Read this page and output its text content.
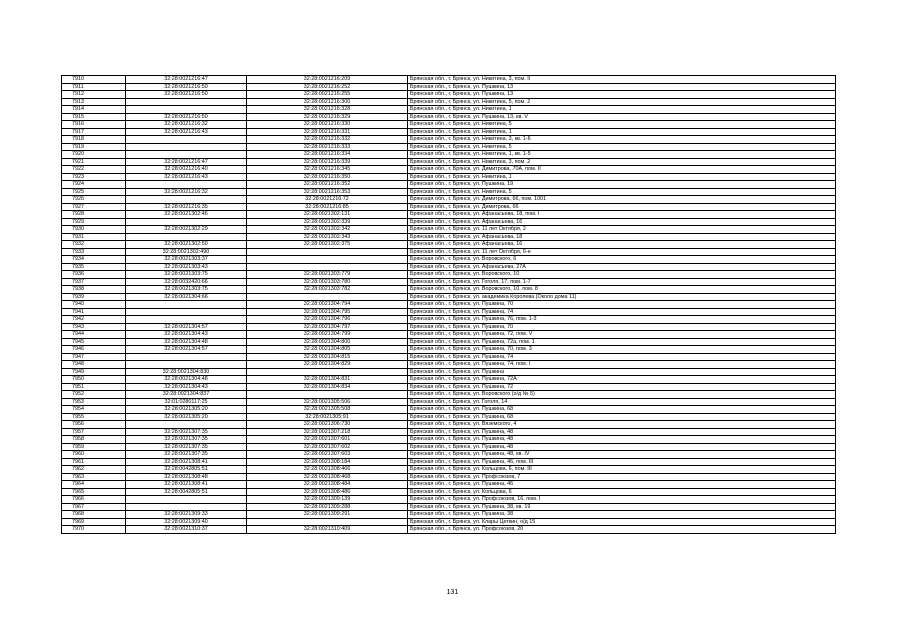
7910	32:28:0021216:47	32:28:0021216:209	Брянская обл., г. Брянск, ул. Никитина, 3, пом. II
7911	32:28:0021216:50	32:28:0021216:252	Брянская обл., г. Брянск, ул. Пушкина, 13
7912	32:28:0021216:50	32:28:0021216:255	Брянская обл., г. Брянск, ул. Пушкина, 13
7913		32:28:0021216:300	Брянская обл., г. Брянск, ул. Никитина, 5, пом. 2
7914		32:28:0021216:328	Брянская обл., г. Брянск, ул. Никитина, 1
7915	32:28:0021216:50	32:28:0021216:329	Брянская обл., г. Брянск, ул. Пушкина, 13, кв. V
7916	32:28:0021216:32	32:28:0021216:330	Брянская обл., г. Брянск, ул. Никитина, 5
7917	32:28:0021216:43	32:28:0021216:331	Брянская обл., г. Брянск, ул. Никитина, 1
7918		32:28:0021216:332	Брянская обл., г. Брянск, ул. Никитина, 3, кв. 1-6
7919		32:28:0021216:333	Брянская обл., г. Брянск, ул. Никитина, 5
7920		32:28:0021216:334	Брянская обл., г. Брянск, ул. Никитина, 1, кв. 1-5
7921	32:28:0021216:47	32:28:0021216:339	Брянская обл., г. Брянск, ул. Никитина, 3, пом. 2
7922	32:28:0021216:40	32:28:0021216:345	Брянская обл., г. Брянск, ул. Димитрова, 70А, пом. II
7923	32:28:0021216:43	32:28:0021216:350	Брянская обл., г. Брянск, ул. Никитина, 1
7924		32:28:0021216:352	Брянская обл., г. Брянск, ул. Пушкина, 19
7925	32:28:0021216:32	32:28:0021216:353	Брянская обл., г. Брянск, ул. Никитина, 5
7926		32:28:0021216:72	Брянская обл., г. Брянск, ул. Димитрова, 66, пом. 1001
7927	32:28:0021216:35	32:28:0021216:85	Брянская обл., г. Брянск, ул. Димитрова, 66
7928	32:28:0021302:46	32:28:0021302:131	Брянская обл., г. Брянск, ул. Афанасьева, 18, пом. I
7929		32:28:0021302:339	Брянская обл., г. Брянск, ул. Афанасьева, 16
7930	32:28:0021302:29	32:28:0021302:342	Брянская обл., г. Брянск, ул. 11 лет Октября, 2
7931		32:28:0021302:343	Брянская обл., г. Брянск, ул. Афанасьева, 18
7932	32:28:0021302:50	32:28:0021302:375	Брянская обл., г. Брянск, ул. Афанасьева, 16
7933	32:28:0021302:490		Брянская обл., г. Брянск, ул. 11 лет Октября, 6-н
7934	32:28:0021303:37		Брянская обл., г. Брянск, ул. Воровского, 6
7935	32:28:0021303:43		Брянская обл., г. Брянск, ул. Афанасьева, 27А
7936	32:28:0021303:75	32:28:0021303:779	Брянская обл., г. Брянск, ул. Воровского, 10
7937	32:28:0032420:66	32:28:0021303:780	Брянская обл., г. Брянск, ул. Гоголя, 17, пом. 1-7
7938	32:28:0021303:75	32:28:0021303:782	Брянская обл., г. Брянск, ул. Воровского, 10, пом. 8
7939	32:28:0021304:66		Брянская обл., г. Брянск, ул. академика Королева (Около дома 11)
7940		32:28:0021304:794	Брянская обл., г. Брянск, ул. Пушкина, 70
7941		32:28:0021304:795	Брянская обл., г. Брянск, ул. Пушкина, 74
7942		32:28:0021304:796	Брянская обл., г. Брянск, ул. Пушкина, 76, пом. 1-3
7943	32:28:0021304:57	32:28:0021304:797	Брянская обл., г. Брянск, ул. Пушкина, 70
7944	32:28:0021304:43	32:28:0021304:799	Брянская обл., г. Брянск, ул. Пушкина, 72, пом. V
7945	32:28:0021304:48	32:28:0021304:800	Брянская обл., г. Брянск, ул. Пушкина, 72а, пом. 1
7946	32:28:0021304:57	32:28:0021304:805	Брянская обл., г. Брянск, ул. Пушкина, 70, пом. 3
7947		32:28:0021304:815	Брянская обл., г. Брянск, ул. Пушкина, 74
7948		32:28:0021304:829	Брянская обл., г. Брянск, ул. Пушкина, 74, пом. I
7949	32:28:0021304:830		Брянская обл., г. Брянск, ул. Пушкина
7950	32:28:0021304:48	32:28:0021304:831	Брянская обл., г. Брянск, ул. Пушкина, 72А
7951	32:28:0021304:43	32:28:0021304:834	Брянская обл., г. Брянск, ул. Пушкина, 72
7952	32:28:0021304:837		Брянская обл., г. Брянск, ул. Воровского (о/д № 5)
7953	32:01:0280117:25	32:28:0021305:506	Брянская обл., г. Брянск, ул. Гоголя, 14
7954	32:28:0021305:20	32:28:0021305:508	Брянская обл., г. Брянск, ул. Пушкина, 68
7955	32:28:0021305:20	32:28:0021305:91	Брянская обл., г. Брянск, ул. Пушкина, 68
7956		32:28:0021306:730	Брянская обл., г. Брянск, ул. Вяземского, 4
7957	32:28:0021307:35	32:28:0021307:218	Брянская обл., г. Брянск, ул. Пушкина, 48
7958	32:28:0021307:35	32:28:0021307:601	Брянская обл., г. Брянск, ул. Пушкина, 48
7959	32:28:0021307:35	32:28:0021307:602	Брянская обл., г. Брянск, ул. Пушкина, 48
7960	32:28:0021307:35	32:28:0021307:603	Брянская обл., г. Брянск, ул. Пушкина, 48, кв. IV
7961	32:28:0021308:41	32:28:0021308:184	Брянская обл., г. Брянск, ул. Пушкина, 46, пом. III
7962	32:28:0042805:51	32:28:0021308:466	Брянская обл., г. Брянск, ул. Кольцова, 6, пом. III
7963	32:28:0021308:48	32:28:0021308:468	Брянская обл., г. Брянск, ул. Профсоюзов, 7
7964	32:28:0021308:41	32:28:0021308:484	Брянская обл., г. Брянск, ул. Пушкина, 46
7965	32:28:0042805:51	32:28:0021308:486	Брянская обл., г. Брянск, ул. Кольцова, 6
7966		32:28:0021309:139	Брянская обл., г. Брянск, ул. Профсоюзов, 16, пом. I
7967		32:28:0021309:288	Брянская обл., г. Брянск, ул. Пушкина, 38, кв. 19
7968	32:28:0021309:33	32:28:0021309:291	Брянская обл., г. Брянск, ул. Пушкина, 38
7969	32:28:0021309:40		Брянская обл., г. Брянск, ул. Клары Цеткин, о/д 15
7970	32:28:0021310:37	32:28:0021310:409	Брянская обл., г. Брянск, ул. Профсоюзов, 20
131
